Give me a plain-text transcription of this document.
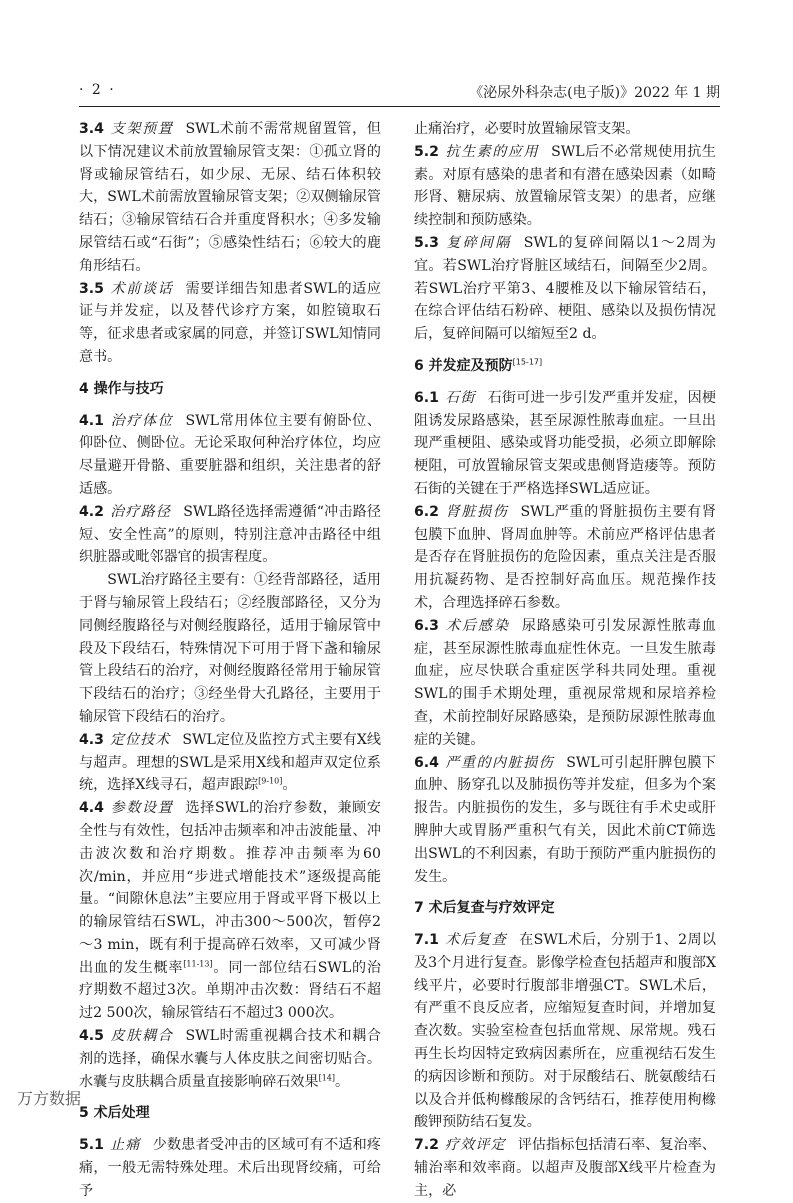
· 2 ·	《泌尿外科杂志(电子版)》2022 年 1 期

3.4 支架预置 SWL术前不需常规留置管，但以下情况建议术前放置输尿管支架：①孤立肾的肾或输尿管结石，如少尿、无尿、结石体积较大，SWL术前需放置输尿管支架；②双侧输尿管结石；③输尿管结石合并重度肾积水；④多发输尿管结石或“石街”；⑤感染性结石；⑥较大的鹿角形结石。

3.5 术前谈话 需要详细告知患者SWL的适应证与并发症，以及替代诊疗方案，如腔镜取石等，征求患者或家属的同意，并签订SWL知情同意书。

4 操作与技巧

4.1 治疗体位 SWL常用体位主要有俯卧位、仰卧位、侧卧位。无论采取何种治疗体位，均应尽量避开骨骼、重要脏器和组织，关注患者的舒适感。

4.2 治疗路径 SWL路径选择需遵循“冲击路径短、安全性高”的原则，特别注意冲击路径中组织脏器或毗邻器官的损害程度。

SWL治疗路径主要有：①经背部路径，适用于肾与输尿管上段结石；②经腹部路径，又分为同侧经腹路径与对侧经腹路径，适用于输尿管中段及下段结石，特殊情况下可用于肾下盏和输尿管上段结石的治疗，对侧经腹路径常用于输尿管下段结石的治疗；③经坐骨大孔路径，主要用于输尿管下段结石的治疗。

4.3 定位技术 SWL定位及监控方式主要有X线与超声。理想的SWL是采用X线和超声双定位系统，选择X线寻石，超声跟踪[9-10]。

4.4 参数设置 选择SWL的治疗参数，兼顾安全性与有效性，包括冲击频率和冲击波能量、冲击波次数和治疗期数。推荐冲击频率为60次/min，并应用“步进式增能技术”逐级提高能量。“间隙休息法”主要应用于肾或平肾下极以上的输尿管结石SWL，冲击300～500次，暂停2～3 min，既有利于提高碎石效率，又可减少肾出血的发生概率[11-13]。同一部位结石SWL的治疗期数不超过3次。单期冲击次数：肾结石不超过2 500次，输尿管结石不超过3 000次。

4.5 皮肤耦合 SWL时需重视耦合技术和耦合剂的选择，确保水囊与人体皮肤之间密切贴合。水囊与皮肤耦合质量直接影响碎石效果[14]。

5 术后处理

5.1 止痛 少数患者受冲击的区域可有不适和疼痛，一般无需特殊处理。术后出现肾绞痛，可给予

止痛治疗，必要时放置输尿管支架。

5.2 抗生素的应用 SWL后不必常规使用抗生素。对原有感染的患者和有潜在感染因素（如畸形肾、糖尿病、放置输尿管支架）的患者，应继续控制和预防感染。

5.3 复碎间隔 SWL的复碎间隔以1～2周为宜。若SWL治疗肾脏区域结石，间隔至少2周。若SWL治疗平第3、4腰椎及以下输尿管结石，在综合评估结石粉碎、梗阻、感染以及损伤情况后，复碎间隔可以缩短至2 d。

6 并发症及预防[15-17]

6.1 石街 石街可进一步引发严重并发症，因梗阻诱发尿路感染，甚至尿源性脓毒血症。一旦出现严重梗阻、感染或肾功能受损，必须立即解除梗阻，可放置输尿管支架或患侧肾造瘘等。预防石街的关键在于严格选择SWL适应证。

6.2 肾脏损伤 SWL严重的肾脏损伤主要有肾包膜下血肿、肾周血肿等。术前应严格评估患者是否存在肾脏损伤的危险因素，重点关注是否服用抗凝药物、是否控制好高血压。规范操作技术，合理选择碎石参数。

6.3 术后感染 尿路感染可引发尿源性脓毒血症，甚至尿源性脓毒血症性休克。一旦发生脓毒血症，应尽快联合重症医学科共同处理。重视SWL的围手术期处理，重视尿常规和尿培养检查，术前控制好尿路感染，是预防尿源性脓毒血症的关键。

6.4 严重的内脏损伤 SWL可引起肝脾包膜下血肿、肠穿孔以及肺损伤等并发症，但多为个案报告。内脏损伤的发生，多与既往有手术史或肝脾肿大或胃肠严重积气有关，因此术前CT筛选出SWL的不利因素，有助于预防严重内脏损伤的发生。

7 术后复查与疗效评定

7.1 术后复查 在SWL术后，分别于1、2周以及3个月进行复查。影像学检查包括超声和腹部X线平片，必要时行腹部非增强CT。SWL术后，有严重不良反应者，应缩短复查时间，并增加复查次数。实验室检查包括血常规、尿常规。残石再生长均因特定致病因素所在，应重视结石发生的病因诊断和预防。对于尿酸结石、胱氨酸结石以及合并低枸橼酸尿的含钙结石，推荐使用枸橼酸钾预防结石复发。

7.2 疗效评定 评估指标包括清石率、复治率、辅治率和效率商。以超声及腹部X线平片检查为主，必

万方数据
